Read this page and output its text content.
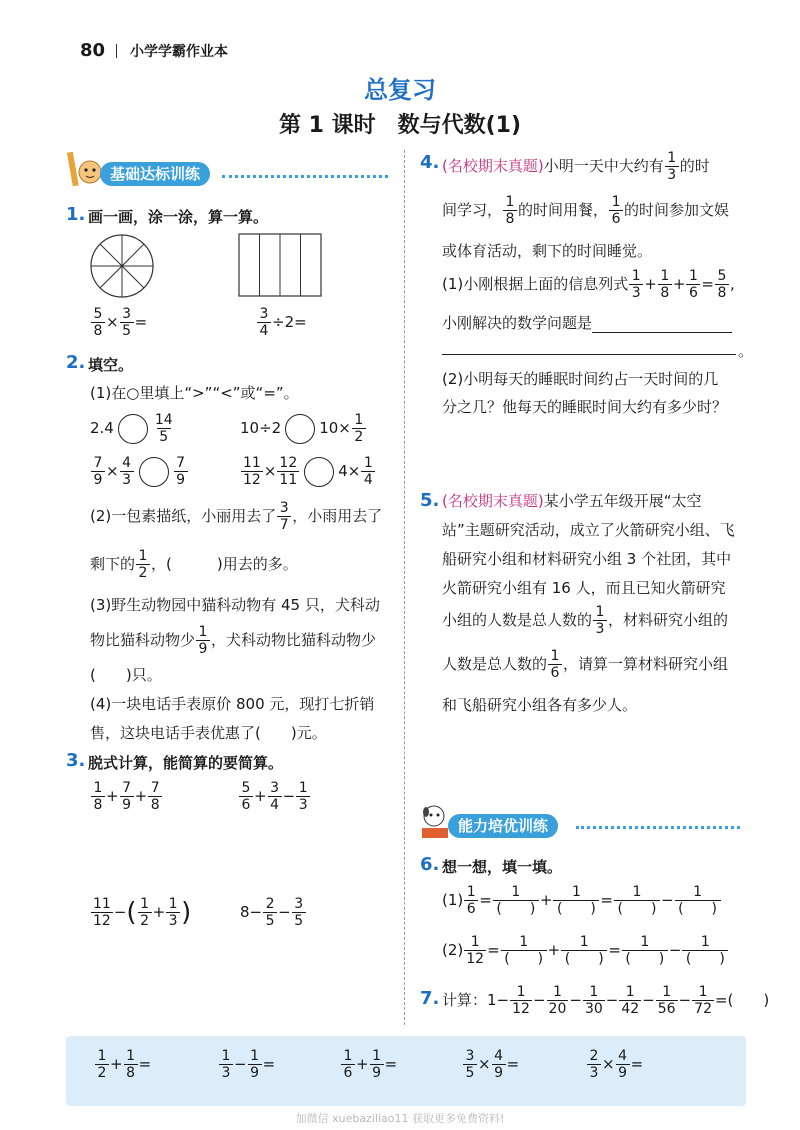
80 小学学霸作业本
总复习
第 1 课时　数与代数(1)
基础达标训练
1. 画一画，涂一涂，算一算。
$\frac{5}{8} \times \frac{3}{5}$ =	$\frac{3}{4} \div 2=$
2. 填空。
(1)在○里填上“>”“<”或“=”。
2.4	$\frac{14}{5}$	10÷2	$10\times \frac{1}{2}$
$\frac{7}{9} \times \frac{4}{3}$	$\frac{7}{9}$	$\frac{11}{12} \times \frac{12}{11}$	$4\times \frac{1}{4}$
(2)一包素描纸，小丽用去了 $\frac{3}{7}$ ，小雨用去了
剩下的 $\frac{1}{2}$ ，(　　　)用去的多。
(3)野生动物园中猫科动物有 45 只，犬科动
物比猫科动物少 $\frac{1}{9}$ ，犬科动物比猫科动物少
(　　)只。
(4)一块电话手表原价 800 元，现打七折销
售，这块电话手表优惠了(　　)元。
3. 脱式计算，能简算的要简算。
$\frac{1}{8} + \frac{7}{9} + \frac{7}{8}$	$\frac{5}{6} + \frac{3}{4} - \frac{1}{3}$
$\frac{11}{12}$ −( $\frac{1}{2} + \frac{1}{3}$ )	$8- \frac{2}{5} - \frac{3}{5}$
4. (名校期末真题)小明一天中大约有 $\frac{1}{3}$ 的时
间学习， $\frac{1}{8}$ 的时间用餐， $\frac{1}{6}$ 的时间参加文娱
或体育活动，剩下的时间睡觉。
(1)小刚根据上面的信息列式 $\frac{1}{3} + \frac{1}{8} + \frac{1}{6} = \frac{5}{8}$ ,
小刚解决的数学问题是
。
(2)小明每天的睡眠时间约占一天时间的几
分之几？他每天的睡眠时间大约有多少时？
5. (名校期末真题)某小学五年级开展“太空
站”主题研究活动，成立了火箭研究小组、飞
船研究小组和材料研究小组 3 个社团，其中
火箭研究小组有 16 人，而且已知火箭研究
小组的人数是总人数的 $\frac{1}{3}$ ，材料研究小组的
人数是总人数的 $\frac{1}{6}$ ，请算一算材料研究小组
和飞船研究小组各有多少人。
能力培优训练
6. 想一想，填一填。
$(1) \frac{1}{6} = \frac{1}{( )} + \frac{1}{( )} = \frac{1}{( )} - \frac{1}{( )}$
$(2) \frac{1}{12} = \frac{1}{( )} + \frac{1}{( )} = \frac{1}{( )} - \frac{1}{( )}$
7. 计算：$1- \frac{1}{12} - \frac{1}{20} - \frac{1}{30} - \frac{1}{42} - \frac{1}{56} - \frac{1}{72}$ =(　　)
$\frac{1}{2} + \frac{1}{8}$ =	$\frac{1}{3} - \frac{1}{9}$ =	$\frac{1}{6} + \frac{1}{9}$ =	$\frac{3}{5} \times \frac{4}{9}$ =	$\frac{2}{3} \times \frac{4}{9}$ =
加微信 xuebaziliao11 获取更多免费资料!
